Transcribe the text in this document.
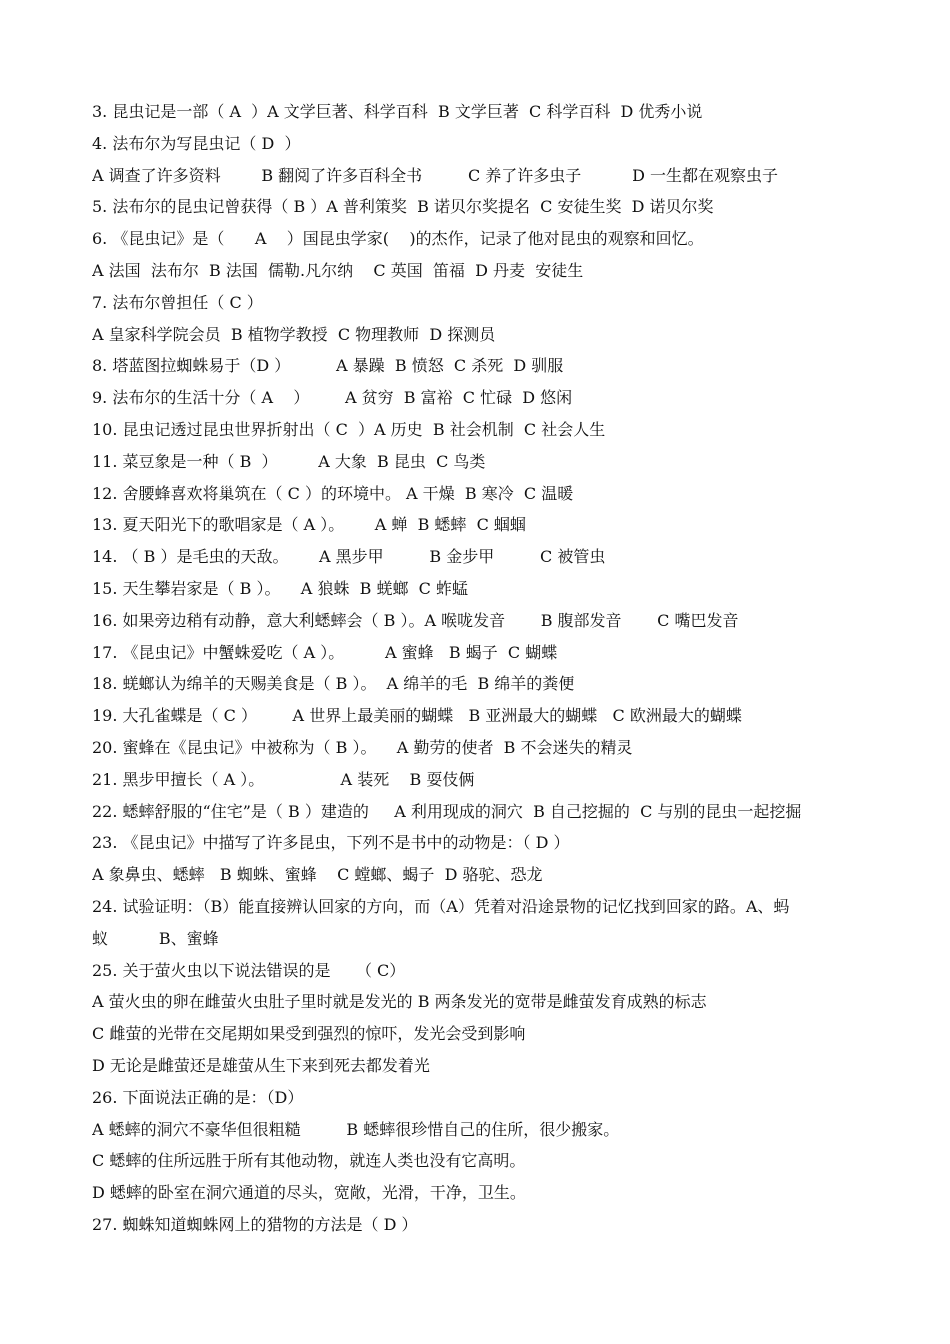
3. 昆虫记是一部（ A  ）A 文学巨著、科学百科  B 文学巨著  C 科学百科  D 优秀小说
4. 法布尔为写昆虫记（ D  ）
A 调查了许多资料        B 翻阅了许多百科全书         C 养了许多虫子          D 一生都在观察虫子
5. 法布尔的昆虫记曾获得（ B ）A 普利策奖  B 诺贝尔奖提名  C 安徒生奖  D 诺贝尔奖
6. 《昆虫记》是（      A    ）国昆虫学家(    )的杰作，记录了他对昆虫的观察和回忆。
A 法国  法布尔  B 法国  儒勒.凡尔纳    C 英国  笛福  D 丹麦  安徒生
7. 法布尔曾担任（ C ）
A 皇家科学院会员  B 植物学教授  C 物理教师  D 探测员
8. 塔蓝图拉蜘蛛易于（D ）         A 暴躁  B 愤怒  C 杀死  D 驯服
9. 法布尔的生活十分（ A    ）       A 贫穷  B 富裕  C 忙碌  D 悠闲
10. 昆虫记透过昆虫世界折射出（ C  ）A 历史  B 社会机制  C 社会人生
11. 菜豆象是一种（ B  ）        A 大象  B 昆虫  C 鸟类
12. 舍腰蜂喜欢将巢筑在（ C ）的环境中。 A 干燥  B 寒冷  C 温暖
13. 夏天阳光下的歌唱家是（ A ）。      A 蝉  B 蟋蟀  C 蝈蝈
14. （ B ）是毛虫的天敌。      A 黑步甲         B 金步甲         C 被管虫
15. 天生攀岩家是（ B ）。    A 狼蛛  B 蜣螂  C 蚱蜢
16. 如果旁边稍有动静，意大利蟋蟀会（ B ）。A 喉咙发音       B 腹部发音       C 嘴巴发音
17. 《昆虫记》中蟹蛛爱吃（ A ）。        A 蜜蜂   B 蝎子  C 蝴蝶
18. 蜣螂认为绵羊的天赐美食是（ B ）。  A 绵羊的毛  B 绵羊的粪便
19. 大孔雀蝶是（ C ）       A 世界上最美丽的蝴蝶   B 亚洲最大的蝴蝶   C 欧洲最大的蝴蝶
20. 蜜蜂在《昆虫记》中被称为（ B ）。    A 勤劳的使者  B 不会迷失的精灵
21. 黑步甲擅长（ A ）。               A 装死    B 耍伎俩
22. 蟋蟀舒服的“住宅”是（ B ）建造的     A 利用现成的洞穴  B 自己挖掘的  C 与别的昆虫一起挖掘
23. 《昆虫记》中描写了许多昆虫，下列不是书中的动物是：（ D ）
A 象鼻虫、蟋蟀   B 蜘蛛、蜜蜂    C 螳螂、蝎子  D 骆驼、恐龙
24. 试验证明：（B）能直接辨认回家的方向，而（A）凭着对沿途景物的记忆找到回家的路。A、蚂
蚁          B、蜜蜂
25. 关于萤火虫以下说法错误的是     （ C）
A 萤火虫的卵在雌萤火虫肚子里时就是发光的 B 两条发光的宽带是雌萤发育成熟的标志
C 雌萤的光带在交尾期如果受到强烈的惊吓，发光会受到影响
D 无论是雌萤还是雄萤从生下来到死去都发着光
26. 下面说法正确的是：（D）
A 蟋蟀的洞穴不豪华但很粗糙         B 蟋蟀很珍惜自己的住所，很少搬家。
C 蟋蟀的住所远胜于所有其他动物，就连人类也没有它高明。
D 蟋蟀的卧室在洞穴通道的尽头，宽敞，光滑，干净，卫生。
27. 蜘蛛知道蜘蛛网上的猎物的方法是（ D ）
